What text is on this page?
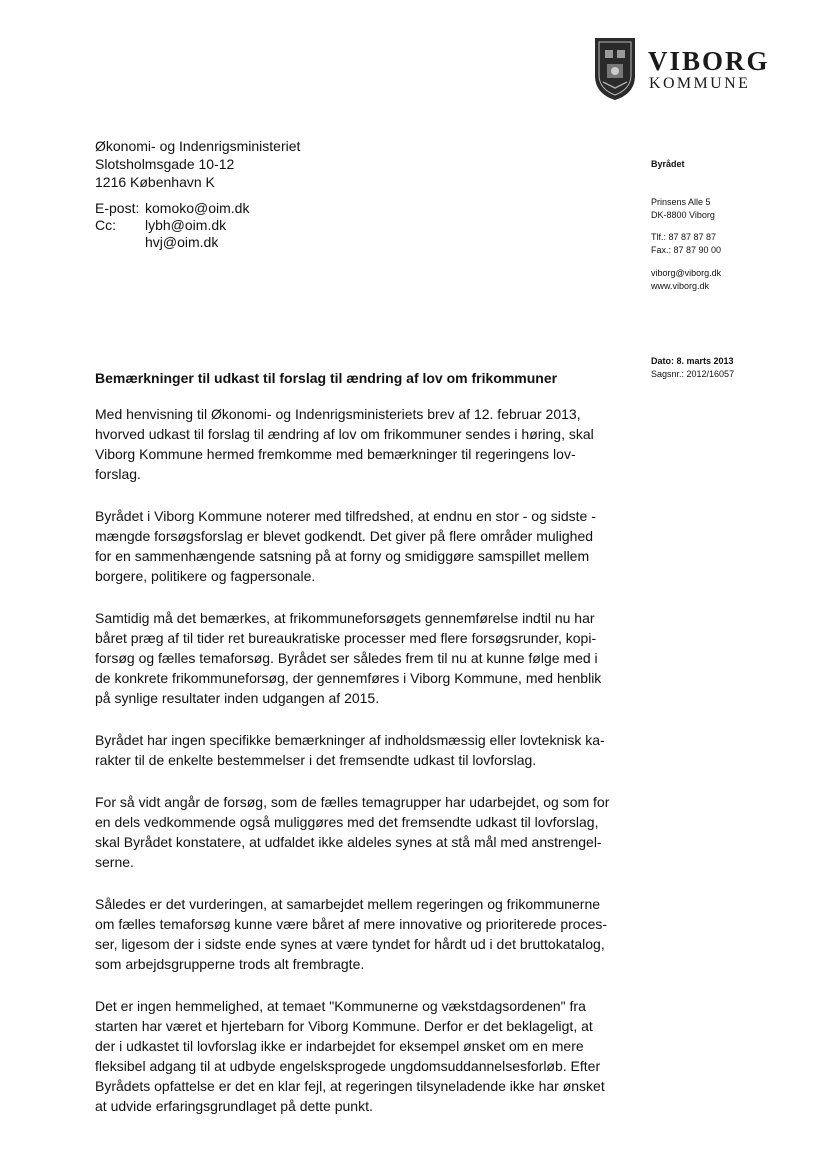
VIBORG
KOMMUNE
Økonomi- og Indenrigsministeriet
Slotsholmsgade 10-12
1216 København K
E-post: komoko@oim.dk
Cc:	lybh@oim.dk
hvj@oim.dk
Byrådet
Prinsens Alle 5
DK-8800 Viborg
Tlf.: 87 87 87 87
Fax.: 87 87 90 00
viborg@viborg.dk
www.viborg.dk
Dato: 8. marts 2013
Sagsnr.: 2012/16057
Bemærkninger til udkast til forslag til ændring af lov om frikommuner

Med henvisning til Økonomi- og Indenrigsministeriets brev af 12. februar 2013,
hvorved udkast til forslag til ændring af lov om frikommuner sendes i høring, skal
Viborg Kommune hermed fremkomme med bemærkninger til regeringens lov-
forslag.

Byrådet i Viborg Kommune noterer med tilfredshed, at endnu en stor - og sidste -
mængde forsøgsforslag er blevet godkendt. Det giver på flere områder mulighed
for en sammenhængende satsning på at forny og smidiggøre samspillet mellem
borgere, politikere og fagpersonale.

Samtidig må det bemærkes, at frikommuneforsøgets gennemførelse indtil nu har
båret præg af til tider ret bureaukratiske processer med flere forsøgsrunder, kopi-
forsøg og fælles temaforsøg. Byrådet ser således frem til nu at kunne følge med i
de konkrete frikommuneforsøg, der gennemføres i Viborg Kommune, med henblik
på synlige resultater inden udgangen af 2015.

Byrådet har ingen specifikke bemærkninger af indholdsmæssig eller lovteknisk ka-
rakter til de enkelte bestemmelser i det fremsendte udkast til lovforslag.

For så vidt angår de forsøg, som de fælles temagrupper har udarbejdet, og som for
en dels vedkommende også muliggøres med det fremsendte udkast til lovforslag,
skal Byrådet konstatere, at udfaldet ikke aldeles synes at stå mål med anstrengel-
serne.

Således er det vurderingen, at samarbejdet mellem regeringen og frikommunerne
om fælles temaforsøg kunne være båret af mere innovative og prioriterede proces-
ser, ligesom der i sidste ende synes at være tyndet for hårdt ud i det bruttokatalog,
som arbejdsgrupperne trods alt frembragte.

Det er ingen hemmelighed, at temaet "Kommunerne og vækstdagsordenen" fra
starten har været et hjertebarn for Viborg Kommune. Derfor er det beklageligt, at
der i udkastet til lovforslag ikke er indarbejdet for eksempel ønsket om en mere
fleksibel adgang til at udbyde engelsksprogede ungdomsuddannelsesforløb. Efter
Byrådets opfattelse er det en klar fejl, at regeringen tilsyneladende ikke har ønsket
at udvide erfaringsgrundlaget på dette punkt.
